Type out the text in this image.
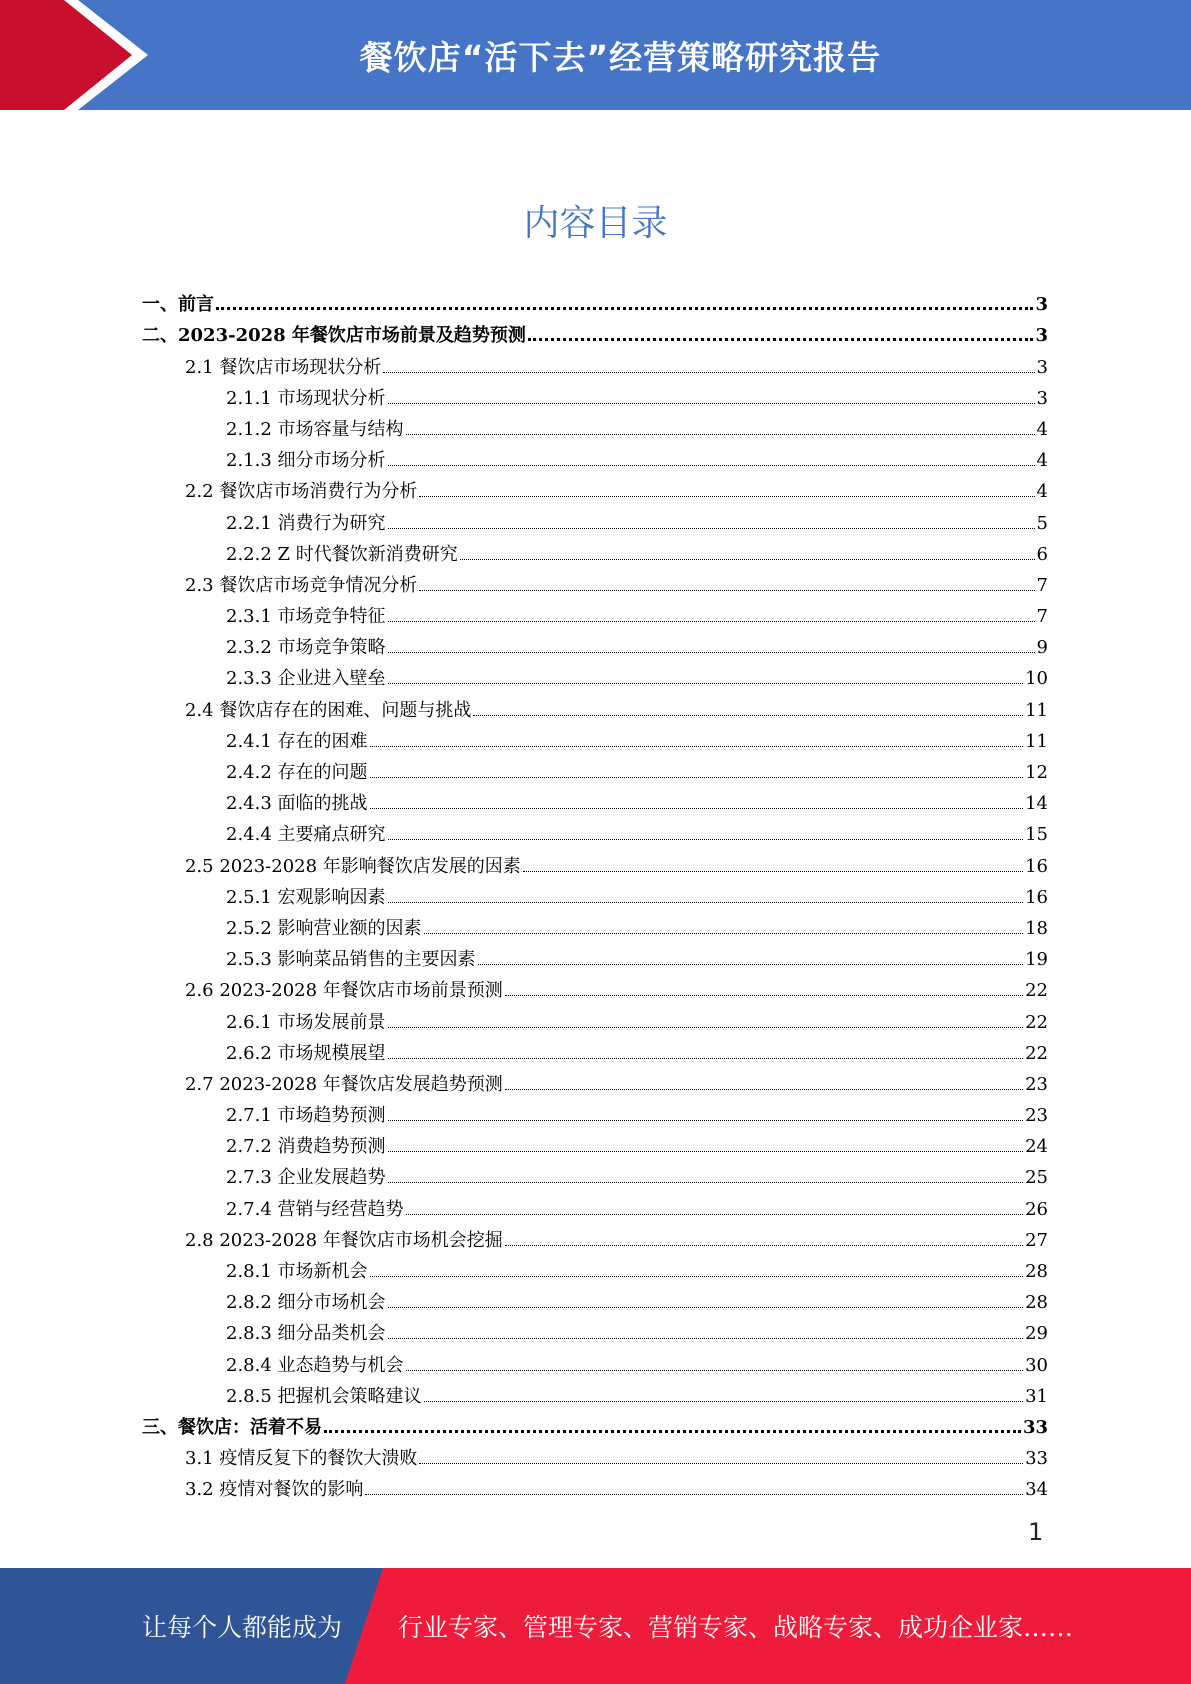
餐饮店“活下去”经营策略研究报告
内容目录
一、前言	3
二、2023-2028 年餐饮店市场前景及趋势预测	3
2.1 餐饮店市场现状分析	3
2.1.1 市场现状分析	3
2.1.2 市场容量与结构	4
2.1.3 细分市场分析	4
2.2 餐饮店市场消费行为分析	4
2.2.1 消费行为研究	5
2.2.2 Z 时代餐饮新消费研究	6
2.3 餐饮店市场竞争情况分析	7
2.3.1 市场竞争特征	7
2.3.2 市场竞争策略	9
2.3.3 企业进入壁垒	10
2.4 餐饮店存在的困难、问题与挑战	11
2.4.1 存在的困难	11
2.4.2 存在的问题	12
2.4.3 面临的挑战	14
2.4.4 主要痛点研究	15
2.5 2023-2028 年影响餐饮店发展的因素	16
2.5.1 宏观影响因素	16
2.5.2 影响营业额的因素	18
2.5.3 影响菜品销售的主要因素	19
2.6 2023-2028 年餐饮店市场前景预测	22
2.6.1 市场发展前景	22
2.6.2 市场规模展望	22
2.7 2023-2028 年餐饮店发展趋势预测	23
2.7.1 市场趋势预测	23
2.7.2 消费趋势预测	24
2.7.3 企业发展趋势	25
2.7.4 营销与经营趋势	26
2.8 2023-2028 年餐饮店市场机会挖掘	27
2.8.1 市场新机会	28
2.8.2 细分市场机会	28
2.8.3 细分品类机会	29
2.8.4 业态趋势与机会	30
2.8.5 把握机会策略建议	31
三、餐饮店：活着不易	33
3.1 疫情反复下的餐饮大溃败	33
3.2 疫情对餐饮的影响	34
1
让每个人都能成为 行业专家、管理专家、营销专家、战略专家、成功企业家……
